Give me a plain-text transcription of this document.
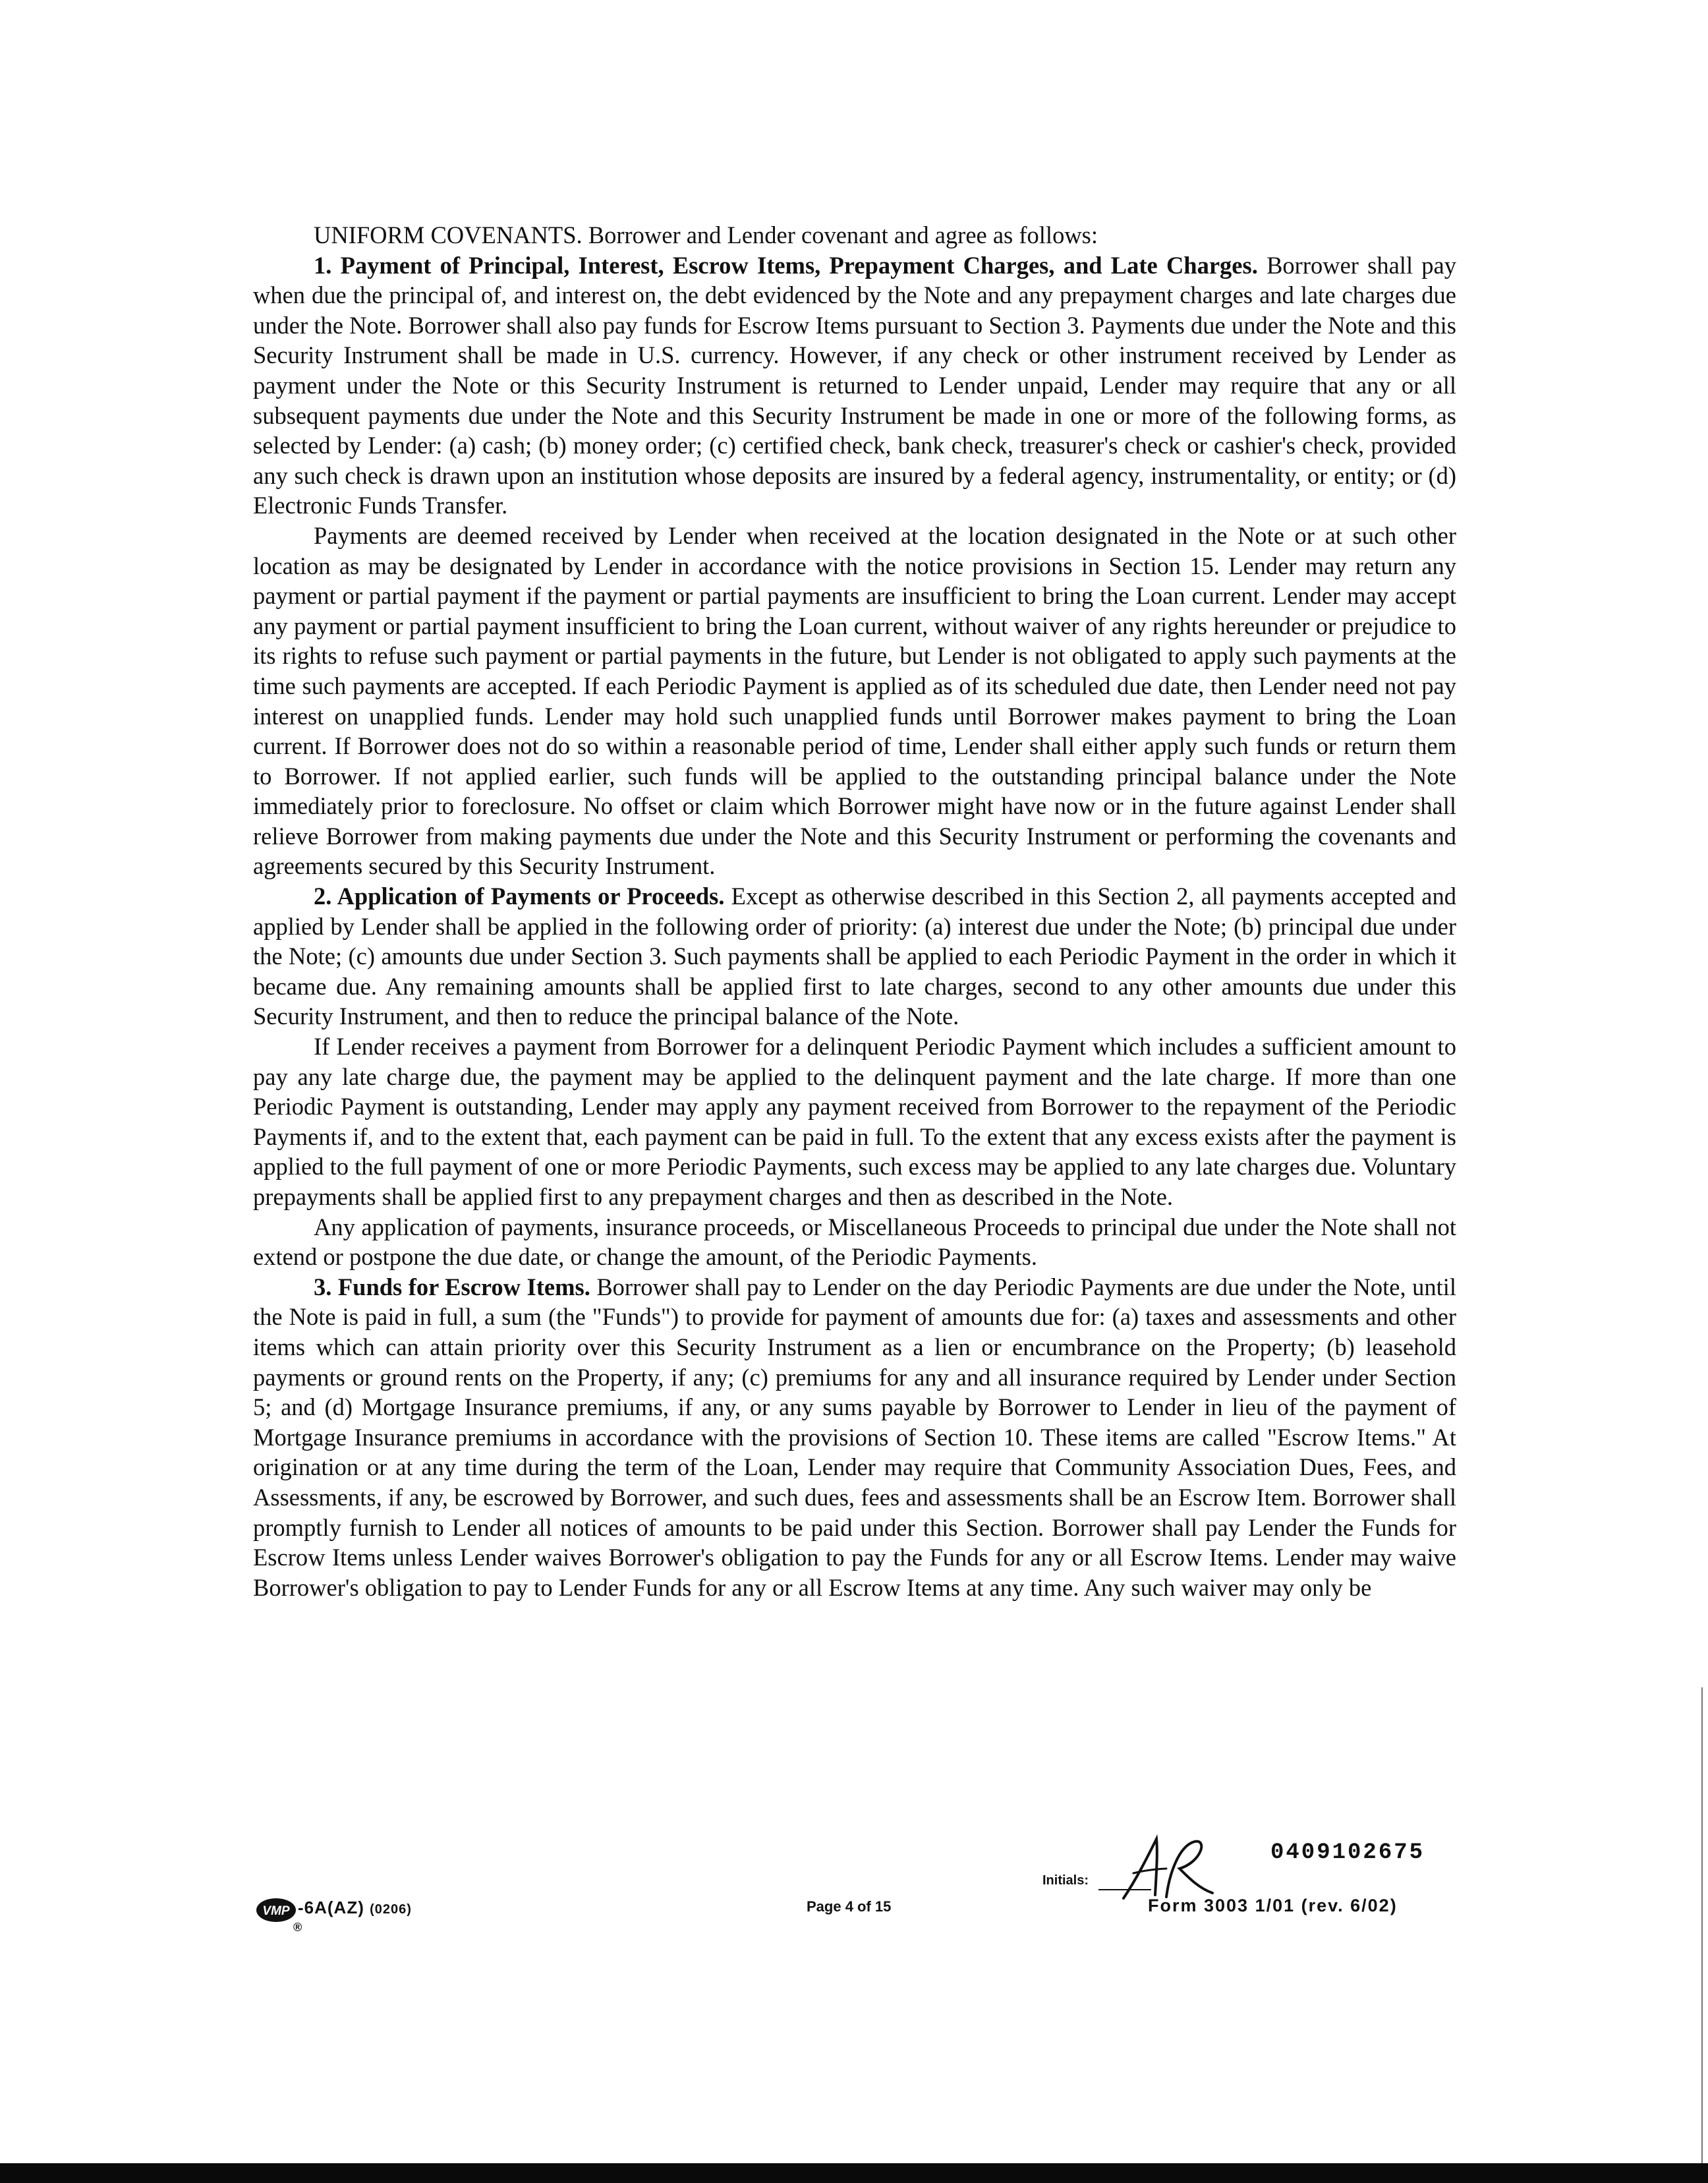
UNIFORM COVENANTS. Borrower and Lender covenant and agree as follows:

1. Payment of Principal, Interest, Escrow Items, Prepayment Charges, and Late Charges. Borrower shall pay when due the principal of, and interest on, the debt evidenced by the Note and any prepayment charges and late charges due under the Note. Borrower shall also pay funds for Escrow Items pursuant to Section 3. Payments due under the Note and this Security Instrument shall be made in U.S. currency. However, if any check or other instrument received by Lender as payment under the Note or this Security Instrument is returned to Lender unpaid, Lender may require that any or all subsequent payments due under the Note and this Security Instrument be made in one or more of the following forms, as selected by Lender: (a) cash; (b) money order; (c) certified check, bank check, treasurer's check or cashier's check, provided any such check is drawn upon an institution whose deposits are insured by a federal agency, instrumentality, or entity; or (d) Electronic Funds Transfer.

Payments are deemed received by Lender when received at the location designated in the Note or at such other location as may be designated by Lender in accordance with the notice provisions in Section 15. Lender may return any payment or partial payment if the payment or partial payments are insufficient to bring the Loan current. Lender may accept any payment or partial payment insufficient to bring the Loan current, without waiver of any rights hereunder or prejudice to its rights to refuse such payment or partial payments in the future, but Lender is not obligated to apply such payments at the time such payments are accepted. If each Periodic Payment is applied as of its scheduled due date, then Lender need not pay interest on unapplied funds. Lender may hold such unapplied funds until Borrower makes payment to bring the Loan current. If Borrower does not do so within a reasonable period of time, Lender shall either apply such funds or return them to Borrower. If not applied earlier, such funds will be applied to the outstanding principal balance under the Note immediately prior to foreclosure. No offset or claim which Borrower might have now or in the future against Lender shall relieve Borrower from making payments due under the Note and this Security Instrument or performing the covenants and agreements secured by this Security Instrument.

2. Application of Payments or Proceeds. Except as otherwise described in this Section 2, all payments accepted and applied by Lender shall be applied in the following order of priority: (a) interest due under the Note; (b) principal due under the Note; (c) amounts due under Section 3. Such payments shall be applied to each Periodic Payment in the order in which it became due. Any remaining amounts shall be applied first to late charges, second to any other amounts due under this Security Instrument, and then to reduce the principal balance of the Note.

If Lender receives a payment from Borrower for a delinquent Periodic Payment which includes a sufficient amount to pay any late charge due, the payment may be applied to the delinquent payment and the late charge. If more than one Periodic Payment is outstanding, Lender may apply any payment received from Borrower to the repayment of the Periodic Payments if, and to the extent that, each payment can be paid in full. To the extent that any excess exists after the payment is applied to the full payment of one or more Periodic Payments, such excess may be applied to any late charges due. Voluntary prepayments shall be applied first to any prepayment charges and then as described in the Note.

Any application of payments, insurance proceeds, or Miscellaneous Proceeds to principal due under the Note shall not extend or postpone the due date, or change the amount, of the Periodic Payments.

3. Funds for Escrow Items. Borrower shall pay to Lender on the day Periodic Payments are due under the Note, until the Note is paid in full, a sum (the "Funds") to provide for payment of amounts due for: (a) taxes and assessments and other items which can attain priority over this Security Instrument as a lien or encumbrance on the Property; (b) leasehold payments or ground rents on the Property, if any; (c) premiums for any and all insurance required by Lender under Section 5; and (d) Mortgage Insurance premiums, if any, or any sums payable by Borrower to Lender in lieu of the payment of Mortgage Insurance premiums in accordance with the provisions of Section 10. These items are called "Escrow Items." At origination or at any time during the term of the Loan, Lender may require that Community Association Dues, Fees, and Assessments, if any, be escrowed by Borrower, and such dues, fees and assessments shall be an Escrow Item. Borrower shall promptly furnish to Lender all notices of amounts to be paid under this Section. Borrower shall pay Lender the Funds for Escrow Items unless Lender waives Borrower's obligation to pay the Funds for any or all Escrow Items. Lender may waive Borrower's obligation to pay to Lender Funds for any or all Escrow Items at any time. Any such waiver may only be

0409102675
Initials:
Form 3003 1/01 (rev. 6/02)
Page 4 of 15
VMP -6A(AZ) (0206)
®
